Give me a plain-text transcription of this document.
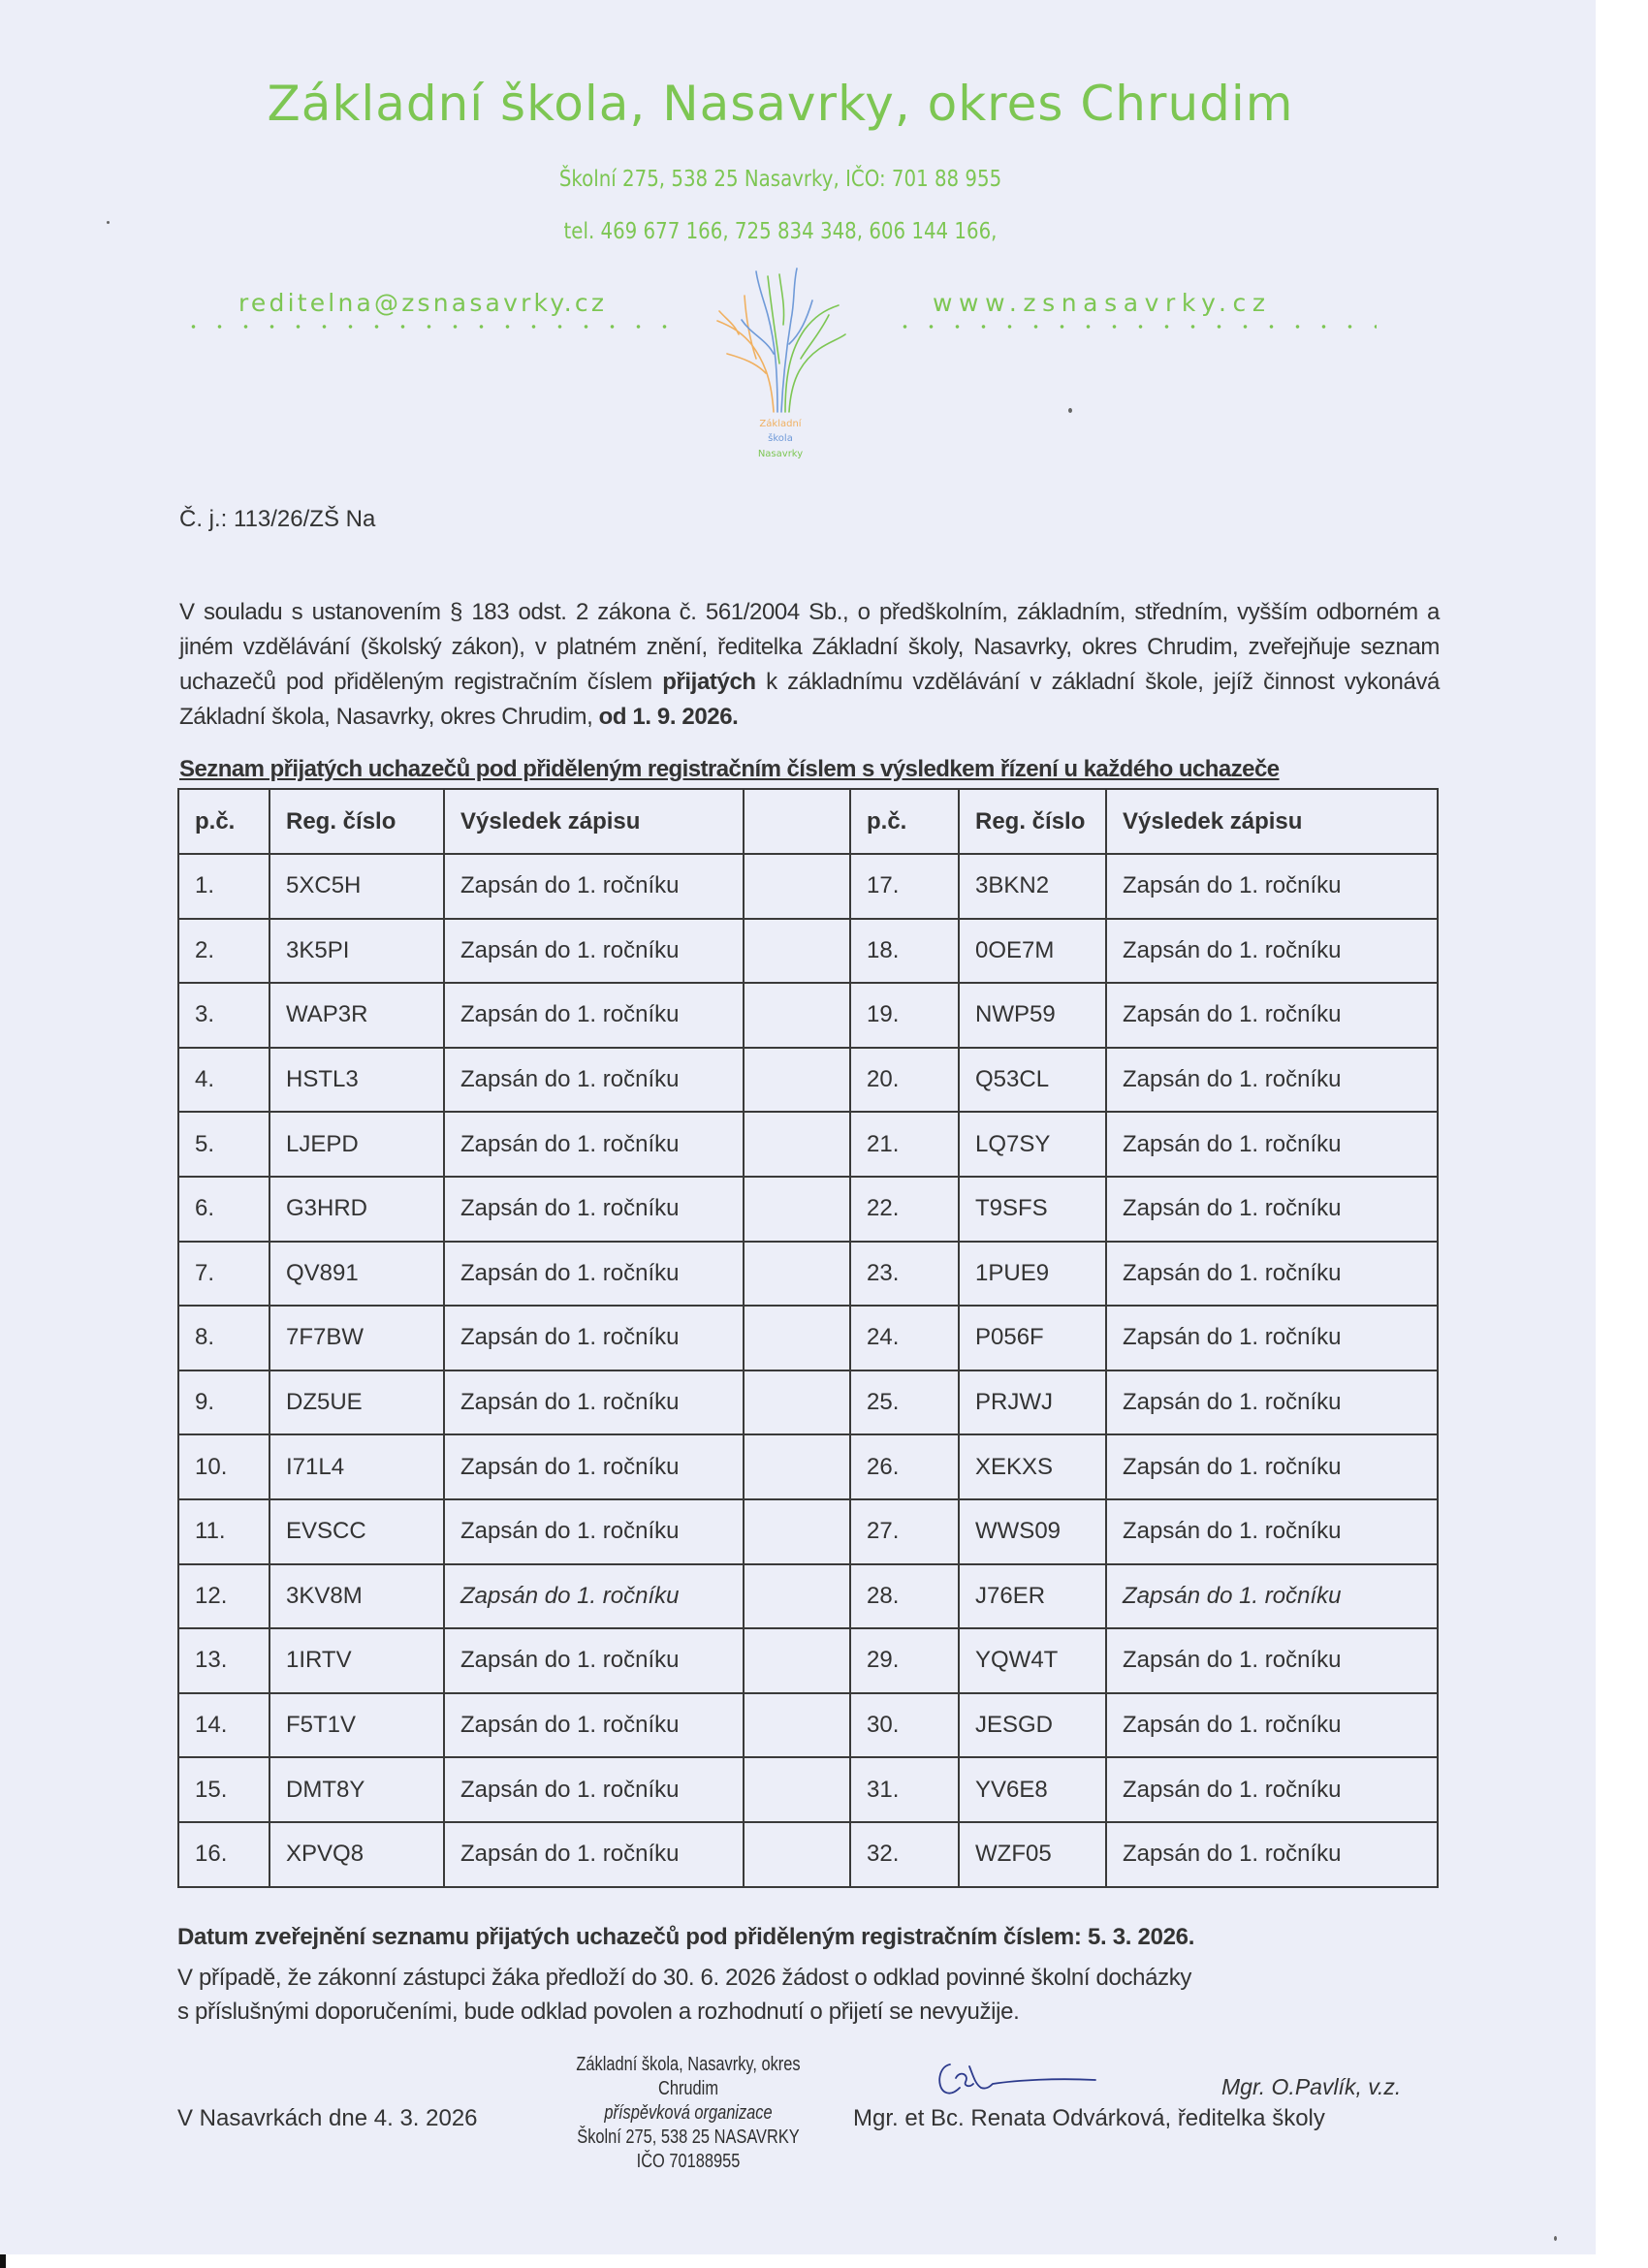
Základní škola, Nasavrky, okres Chrudim
Školní 275, 538 25 Nasavrky, IČO: 701 88 955
tel. 469 677 166, 725 834 348, 606 144 166,
reditelna@zsnasavrky.cz	www.zsnasavrky.cz
Základní
škola
Nasavrky
Č. j.: 113/26/ZŠ Na

V souladu s ustanovením § 183 odst. 2 zákona č. 561/2004 Sb., o předškolním, základním, středním, vyšším odborném a jiném vzdělávání (školský zákon), v platném znění, ředitelka Základní školy, Nasavrky, okres Chrudim, zveřejňuje seznam uchazečů pod přiděleným registračním číslem přijatých k základnímu vzdělávání v základní škole, jejíž činnost vykonává Základní škola, Nasavrky, okres Chrudim, od 1. 9. 2026.

Seznam přijatých uchazečů pod přiděleným registračním číslem s výsledkem řízení u každého uchazeče
p.č.	Reg. číslo	Výsledek zápisu		p.č.	Reg. číslo	Výsledek zápisu
1.	5XC5H	Zapsán do 1. ročníku		17.	3BKN2	Zapsán do 1. ročníku
2.	3K5PI	Zapsán do 1. ročníku		18.	0OE7M	Zapsán do 1. ročníku
3.	WAP3R	Zapsán do 1. ročníku		19.	NWP59	Zapsán do 1. ročníku
4.	HSTL3	Zapsán do 1. ročníku		20.	Q53CL	Zapsán do 1. ročníku
5.	LJEPD	Zapsán do 1. ročníku		21.	LQ7SY	Zapsán do 1. ročníku
6.	G3HRD	Zapsán do 1. ročníku		22.	T9SFS	Zapsán do 1. ročníku
7.	QV891	Zapsán do 1. ročníku		23.	1PUE9	Zapsán do 1. ročníku
8.	7F7BW	Zapsán do 1. ročníku		24.	P056F	Zapsán do 1. ročníku
9.	DZ5UE	Zapsán do 1. ročníku		25.	PRJWJ	Zapsán do 1. ročníku
10.	I71L4	Zapsán do 1. ročníku		26.	XEKXS	Zapsán do 1. ročníku
11.	EVSCC	Zapsán do 1. ročníku		27.	WWS09	Zapsán do 1. ročníku
12.	3KV8M	Zapsán do 1. ročníku		28.	J76ER	Zapsán do 1. ročníku
13.	1IRTV	Zapsán do 1. ročníku		29.	YQW4T	Zapsán do 1. ročníku
14.	F5T1V	Zapsán do 1. ročníku		30.	JESGD	Zapsán do 1. ročníku
15.	DMT8Y	Zapsán do 1. ročníku		31.	YV6E8	Zapsán do 1. ročníku
16.	XPVQ8	Zapsán do 1. ročníku		32.	WZF05	Zapsán do 1. ročníku
Datum zveřejnění seznamu přijatých uchazečů pod přiděleným registračním číslem: 5. 3. 2026.
V případě, že zákonní zástupci žáka předloží do 30. 6. 2026 žádost o odklad povinné školní docházky
s příslušnými doporučeními, bude odklad povolen a rozhodnutí o přijetí se nevyužije.
V Nasavrkách dne 4. 3. 2026
Základní škola, Nasavrky, okres Chrudim
příspěvková organizace
Školní 275, 538 25 NASAVRKY
IČO 70188955
Mgr. O.Pavlík, v.z.
Mgr. et Bc. Renata Odvárková, ředitelka školy
